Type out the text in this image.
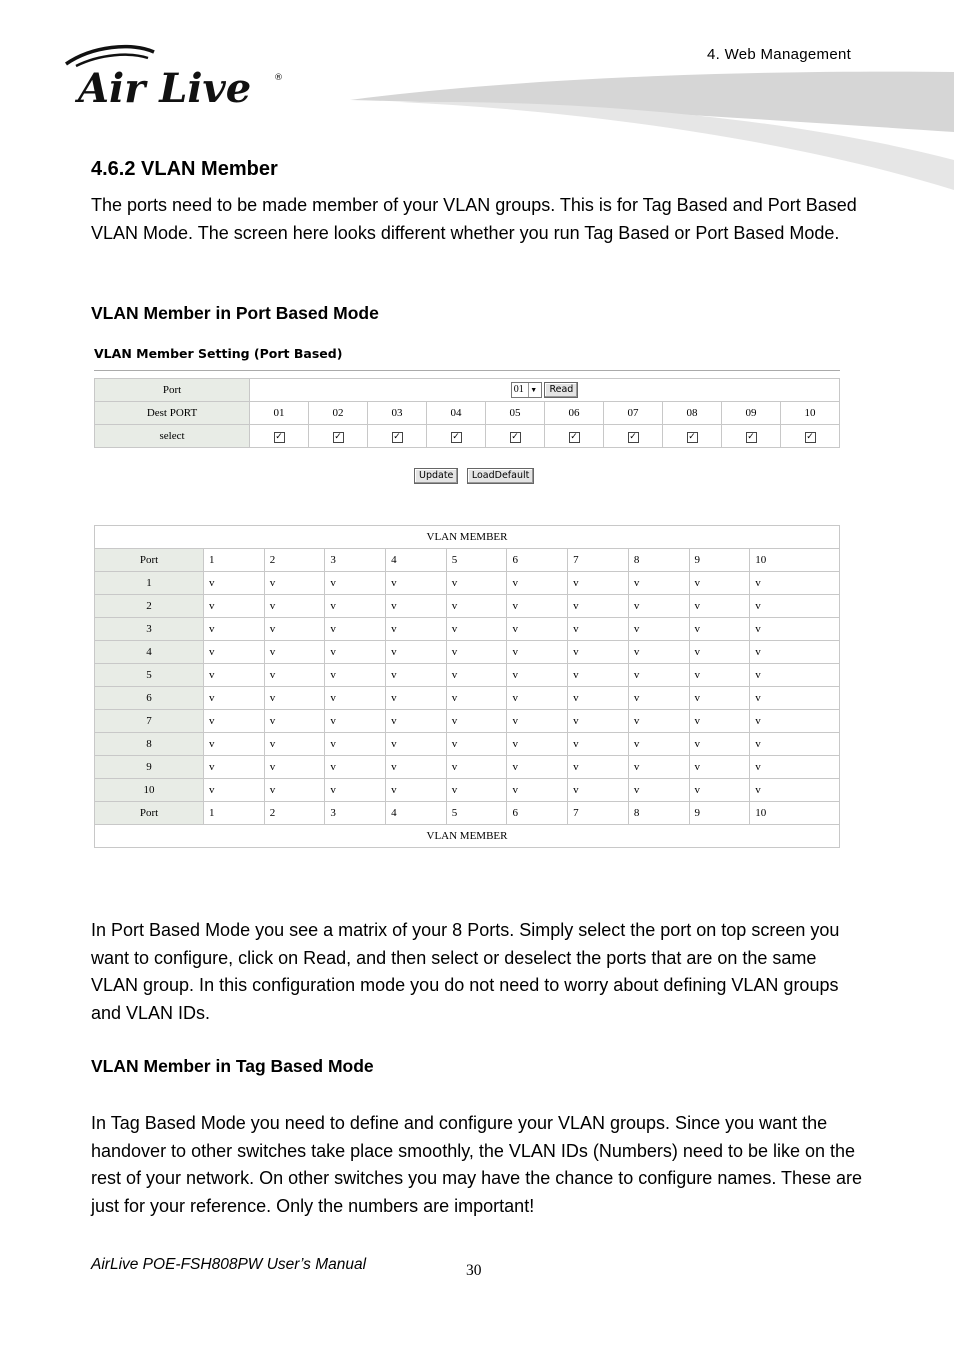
Air Live	®
4. Web Management
4.6.2 VLAN Member
The ports need to be made member of your VLAN groups. This is for Tag Based and Port Based VLAN Mode. The screen here looks different whether you run Tag Based or Port Based Mode.
VLAN Member in Port Based Mode
VLAN Member Setting (Port Based)
Port	01 ▼ Read									
Dest PORT	01	02	03	04	05	06	07	08	09	10
select	✓	✓	✓	✓	✓	✓	✓	✓	✓	✓
Update LoadDefault
VLAN MEMBER										
Port	1	2	3	4	5	6	7	8	9	10
1	v	v	v	v	v	v	v	v	v	v
2	v	v	v	v	v	v	v	v	v	v
3	v	v	v	v	v	v	v	v	v	v
4	v	v	v	v	v	v	v	v	v	v
5	v	v	v	v	v	v	v	v	v	v
6	v	v	v	v	v	v	v	v	v	v
7	v	v	v	v	v	v	v	v	v	v
8	v	v	v	v	v	v	v	v	v	v
9	v	v	v	v	v	v	v	v	v	v
10	v	v	v	v	v	v	v	v	v	v
Port	1	2	3	4	5	6	7	8	9	10
VLAN MEMBER										
In Port Based Mode you see a matrix of your 8 Ports. Simply select the port on top screen you want to configure, click on Read, and then select or deselect the ports that are on the same VLAN group. In this configuration mode you do not need to worry about defining VLAN groups and VLAN IDs.
VLAN Member in Tag Based Mode
In Tag Based Mode you need to define and configure your VLAN groups. Since you want the handover to other switches take place smoothly, the VLAN IDs (Numbers) need to be like on the rest of your network. On other switches you may have the chance to configure names. These are just for your reference. Only the numbers are important!
AirLive POE-FSH808PW User’s Manual	30
